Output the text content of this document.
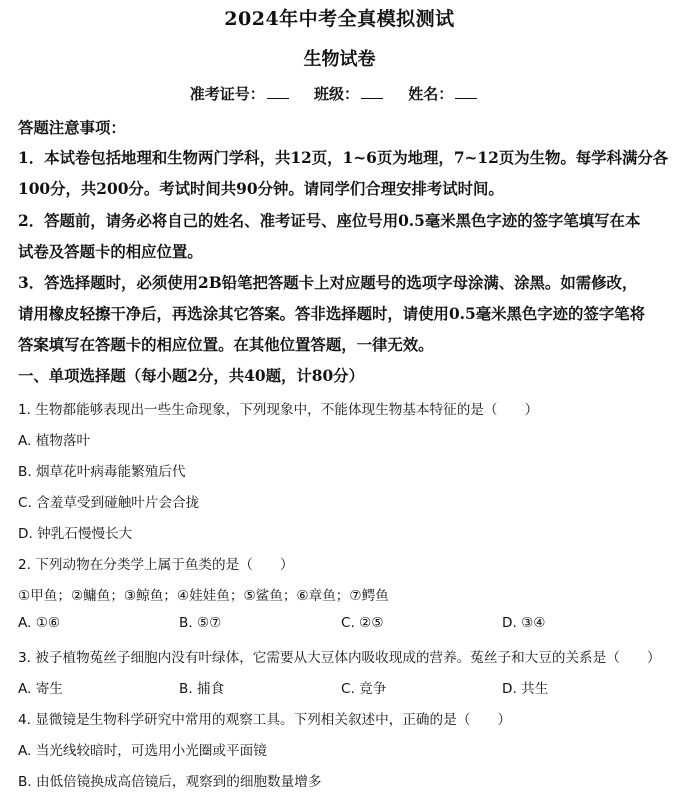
2024年中考全真模拟测试
生物试卷
准考证号：	班级：	姓名：
答题注意事项：
1．本试卷包括地理和生物两门学科，共12页，1~6页为地理，7~12页为生物。每学科满分各
100分，共200分。考试时间共90分钟。请同学们合理安排考试时间。
2．答题前，请务必将自己的姓名、准考证号、座位号用0.5毫米黑色字迹的签字笔填写在本
试卷及答题卡的相应位置。
3．答选择题时，必须使用2B铅笔把答题卡上对应题号的选项字母涂满、涂黑。如需修改，
请用橡皮轻擦干净后，再选涂其它答案。答非选择题时，请使用0.5毫米黑色字迹的签字笔将
答案填写在答题卡的相应位置。在其他位置答题，一律无效。
一、单项选择题（每小题2分，共40题，计80分）
1. 生物都能够表现出一些生命现象，下列现象中，不能体现生物基本特征的是（　　）
A. 植物落叶
B. 烟草花叶病毒能繁殖后代
C. 含羞草受到碰触叶片会合拢
D. 钟乳石慢慢长大
2. 下列动物在分类学上属于鱼类的是（　　）
①甲鱼；②鳙鱼；③鲸鱼；④娃娃鱼；⑤鲨鱼；⑥章鱼；⑦鳄鱼
A. ①⑥	B. ⑤⑦	C. ②⑤	D. ③④
3. 被子植物菟丝子细胞内没有叶绿体，它需要从大豆体内吸收现成的营养。菟丝子和大豆的关系是（　　）
A. 寄生	B. 捕食	C. 竞争	D. 共生
4. 显微镜是生物科学研究中常用的观察工具。下列相关叙述中，正确的是（　　）
A. 当光线较暗时，可选用小光圈或平面镜
B. 由低倍镜换成高倍镜后，观察到的细胞数量增多
